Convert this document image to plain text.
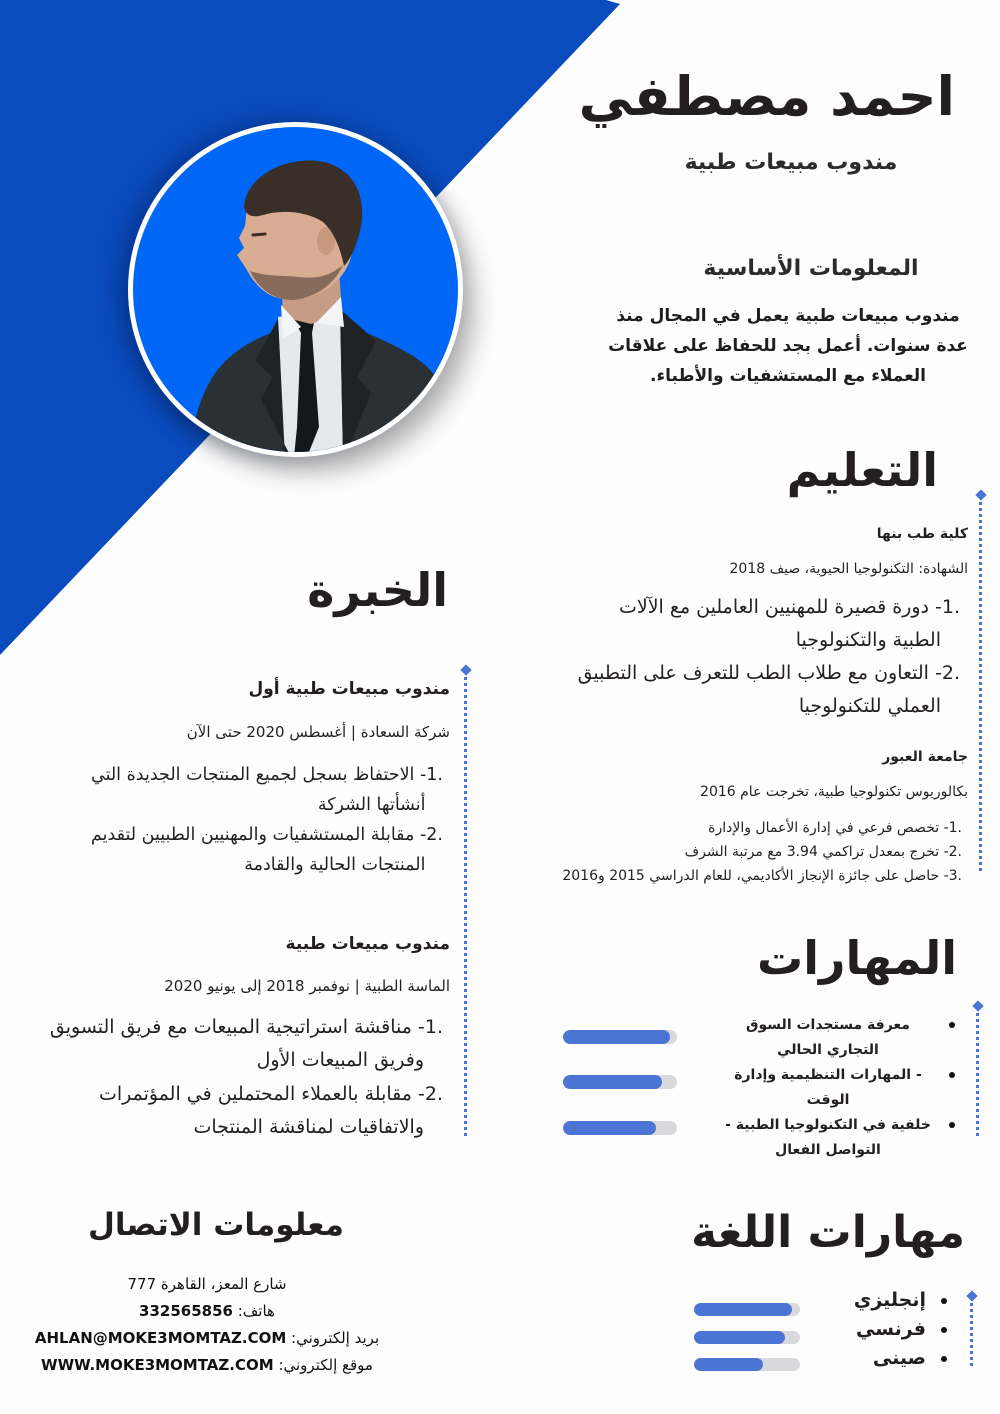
احمد مصطفي
مندوب مبيعات طبية
المعلومات الأساسية
مندوب مبيعات طبية يعمل في المجال منذ
عدة سنوات. أعمل بجد للحفاظ على علاقات
العملاء مع المستشفيات والأطباء.
التعليم
كلية طب بنها
الشهادة: التكنولوجيا الحيوية، صيف 2018
1.
- دورة قصيرة للمهنيين العاملين مع الآلات
الطبية والتكنولوجيا
2.
- التعاون مع طلاب الطب للتعرف على التطبيق
العملي للتكنولوجيا
جامعة العبور
بكالوريوس تكنولوجيا طبية، تخرجت عام 2016
1.
- تخصص فرعي في إدارة الأعمال والإدارة
2.
- تخرج بمعدل تراكمي 3.94 مع مرتبة الشرف
3.
- حاصل على جائزة الإنجاز الأكاديمي، للعام الدراسي 2015 و2016
الخبرة
مندوب مبيعات طبية أول
شركة السعادة | أغسطس 2020 حتى الآن
1.
- الاحتفاظ بسجل لجميع المنتجات الجديدة التي
أنشأتها الشركة
2.
- مقابلة المستشفيات والمهنيين الطبيين لتقديم
المنتجات الحالية والقادمة
مندوب مبيعات طبية
الماسة الطبية | نوفمبر 2018 إلى يونيو 2020
1.
- مناقشة استراتيجية المبيعات مع فريق التسويق
وفريق المبيعات الأول
2.
- مقابلة بالعملاء المحتملين في المؤتمرات
والاتفاقيات لمناقشة المنتجات
المهارات
معرفة مستجدات السوق
التجاري الحالي
- المهارات التنظيمية وإدارة
الوقت
خلفية في التكنولوجيا الطبية -
التواصل الفعال
مهارات اللغة
إنجليزي
فرنسي
صينى
معلومات الاتصال
شارع المعز، القاهرة 777
هاتف: 332565856
بريد إلكتروني: AHLAN@MOKE3MOMTAZ.COM
موقع إلكتروني: WWW.MOKE3MOMTAZ.COM
